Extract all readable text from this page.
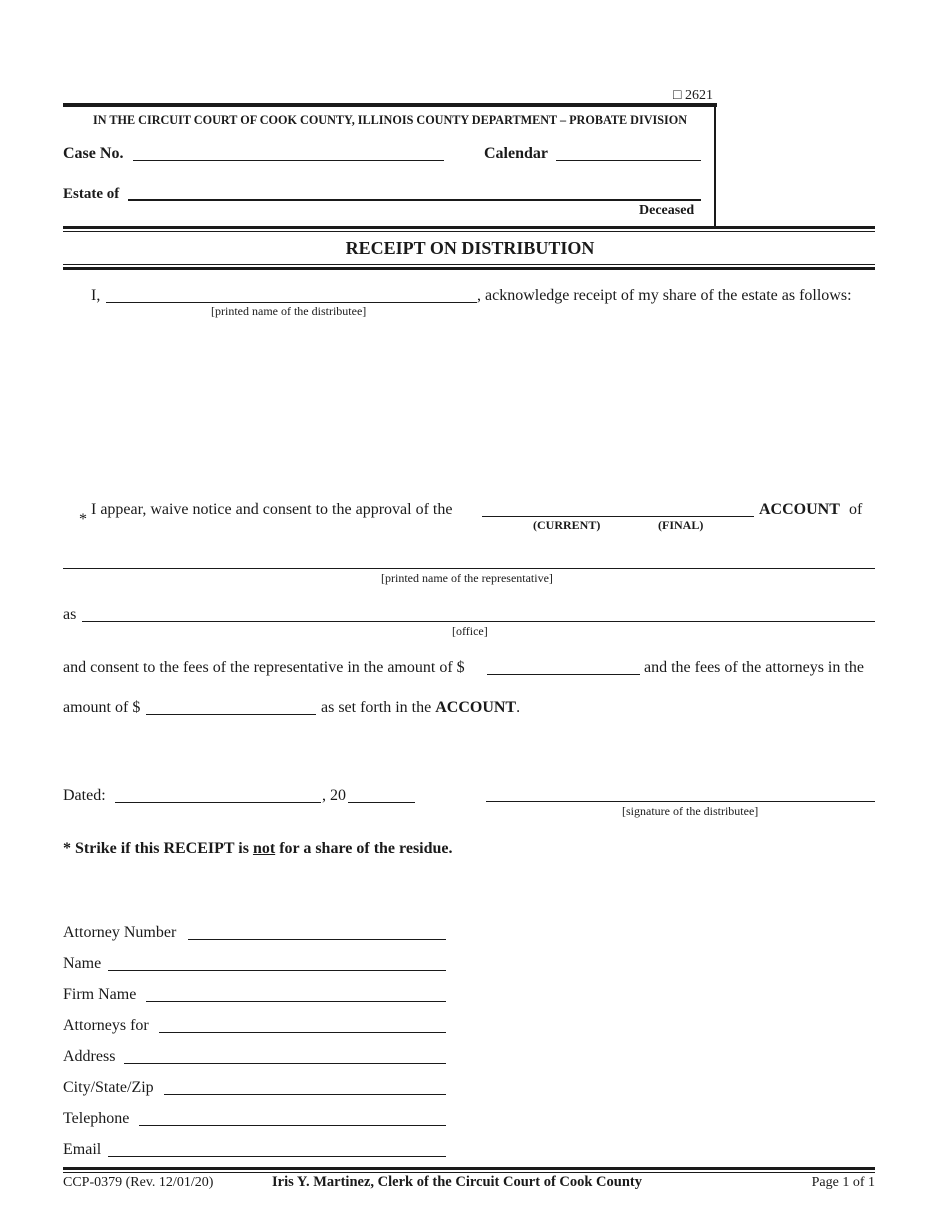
□ 2621
IN THE CIRCUIT COURT OF COOK COUNTY, ILLINOIS COUNTY DEPARTMENT – PROBATE DIVISION
Case No.	Calendar
Estate of
Deceased
RECEIPT ON DISTRIBUTION
I,	, acknowledge receipt of my share of the estate as follows:
[printed name of the distributee]
*
I appear, waive notice and consent to the approval of the
(CURRENT)	(FINAL)
ACCOUNT of
[printed name of the representative]
as
[office]
and consent to the fees of the representative in the amount of $	and the fees of the attorneys in the
amount of $	as set forth in the ACCOUNT.
Dated:	, 20
[signature of the distributee]
* Strike if this RECEIPT is not for a share of the residue.
Attorney Number
Name
Firm Name
Attorneys for
Address
City/State/Zip
Telephone
Email
CCP-0379 (Rev. 12/01/20)	Iris Y. Martinez, Clerk of the Circuit Court of Cook County	Page 1 of 1
